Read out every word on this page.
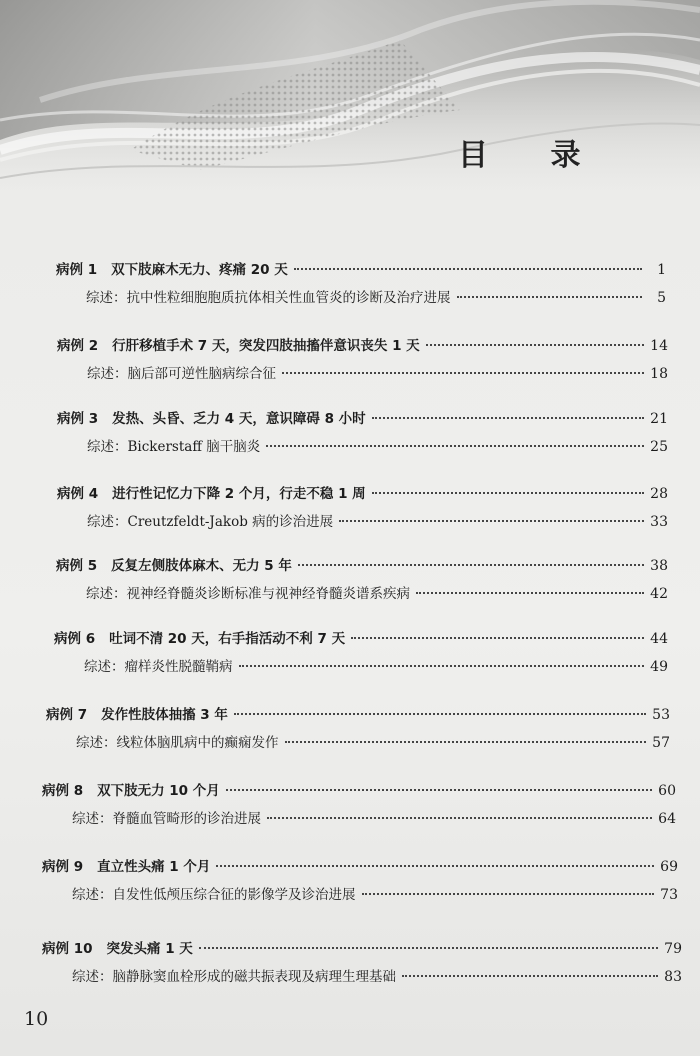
目 录
病例 1 双下肢麻木无力、疼痛 20 天	1
综述： 抗中性粒细胞胞质抗体相关性血管炎的诊断及治疗进展	5
病例 2 行肝移植手术 7 天，突发四肢抽搐伴意识丧失 1 天	14
综述： 脑后部可逆性脑病综合征	18
病例 3 发热、头昏、乏力 4 天，意识障碍 8 小时	21
综述： Bickerstaff 脑干脑炎	25
病例 4 进行性记忆力下降 2 个月，行走不稳 1 周	28
综述： Creutzfeldt-Jakob 病的诊治进展	33
病例 5 反复左侧肢体麻木、无力 5 年	38
综述： 视神经脊髓炎诊断标准与视神经脊髓炎谱系疾病	42
病例 6 吐词不清 20 天，右手指活动不利 7 天	44
综述： 瘤样炎性脱髓鞘病	49
病例 7 发作性肢体抽搐 3 年	53
综述： 线粒体脑肌病中的癫痫发作	57
病例 8 双下肢无力 10 个月	60
综述： 脊髓血管畸形的诊治进展	64
病例 9 直立性头痛 1 个月	69
综述： 自发性低颅压综合征的影像学及诊治进展	73
病例 10 突发头痛 1 天	79
综述： 脑静脉窦血栓形成的磁共振表现及病理生理基础	83
10
